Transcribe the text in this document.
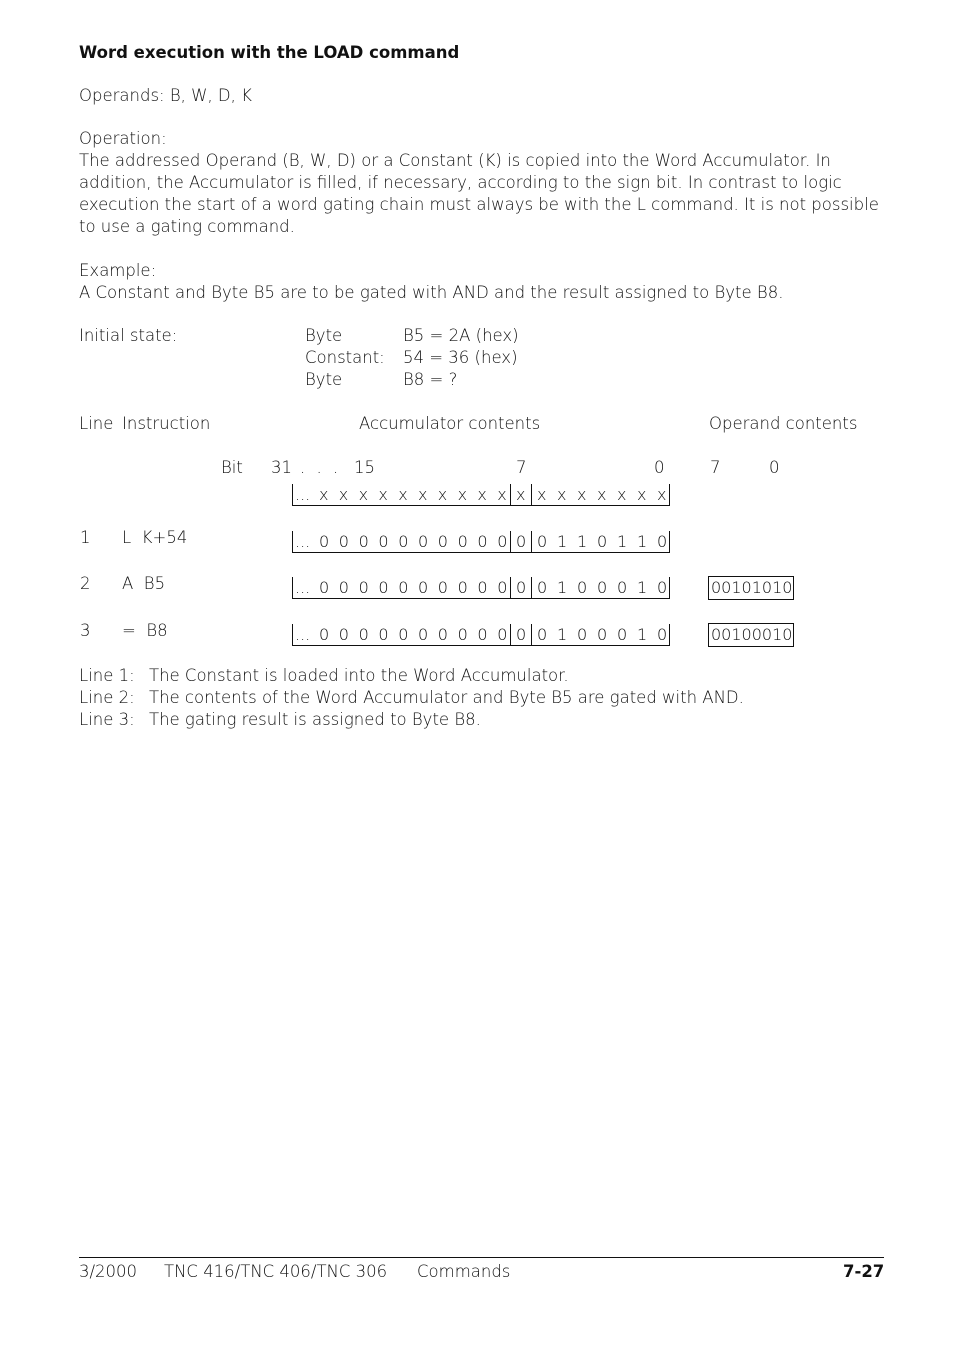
Word execution with the LOAD command
Operands: B, W, D, K
Operation:
The addressed Operand (B, W, D) or a Constant (K) is copied into the Word Accumulator. In addition, the Accumulator is filled, if necessary, according to the sign bit. In contrast to logic execution the start of a word gating chain must always be with the L command. It is not possible to use a gating command.
Example:
A Constant and Byte B5 are to be gated with AND and the result assigned to Byte B8.
Initial state:	Byte	B5 = 2A (hex)
Constant: 54 = 36 (hex)
Byte	B8 = ?
Line Instruction	Accumulator contents	Operand contents
Bit 31 . . . 15	7	0	7	0
... x x x x x x x x x x x x x x x x x x
1 L  K+54	... 0 0 0 0 0 0 0 0 0 0 0 0 1 1 0 1 1 0
2 A  B5	... 0 0 0 0 0 0 0 0 0 0 0 0 1 0 0 0 1 0	00101010
3 =  B8	... 0 0 0 0 0 0 0 0 0 0 0 0 1 0 0 0 1 0	00100010
Line 1: The Constant is loaded into the Word Accumulator.
Line 2: The contents of the Word Accumulator and Byte B5 are gated with AND.
Line 3: The gating result is assigned to Byte B8.
3/2000 TNC 416/TNC 406/TNC 306 Commands	7-27
